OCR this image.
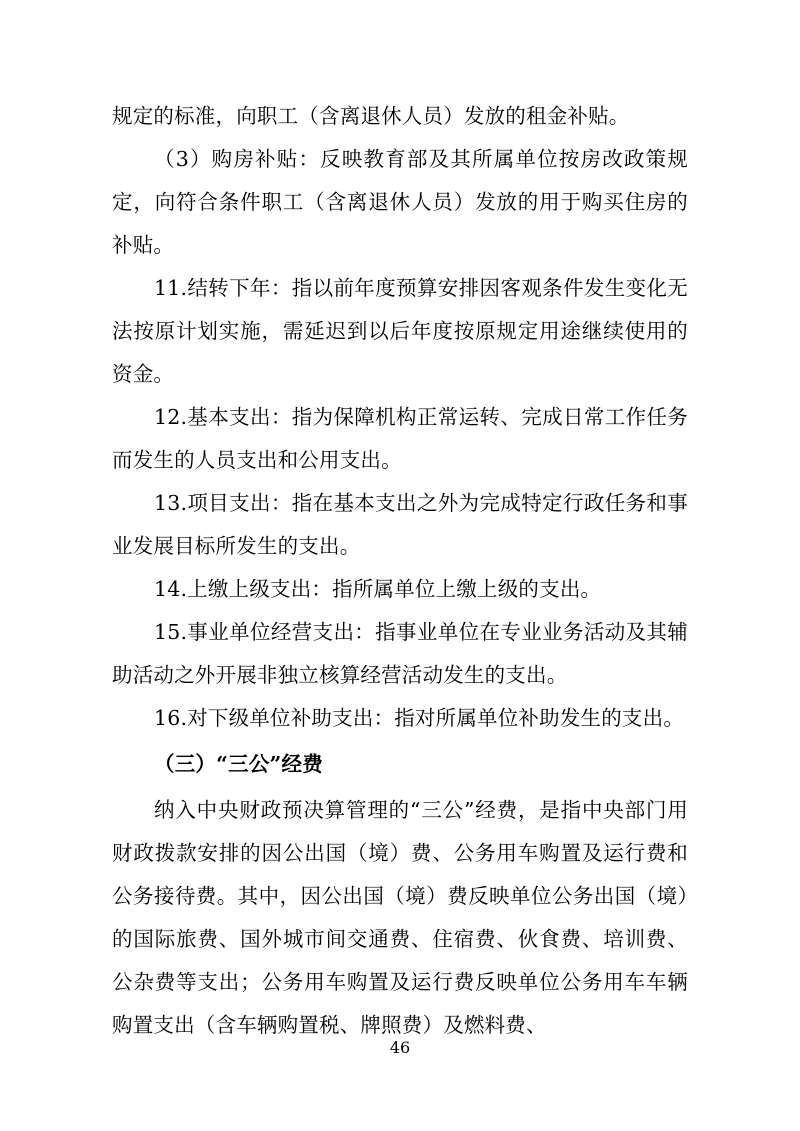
规定的标准，向职工（含离退休人员）发放的租金补贴。

（3）购房补贴：反映教育部及其所属单位按房改政策规定，向符合条件职工（含离退休人员）发放的用于购买住房的补贴。

11.结转下年：指以前年度预算安排因客观条件发生变化无法按原计划实施，需延迟到以后年度按原规定用途继续使用的资金。

12.基本支出：指为保障机构正常运转、完成日常工作任务而发生的人员支出和公用支出。

13.项目支出：指在基本支出之外为完成特定行政任务和事业发展目标所发生的支出。

14.上缴上级支出：指所属单位上缴上级的支出。

15.事业单位经营支出：指事业单位在专业业务活动及其辅助活动之外开展非独立核算经营活动发生的支出。

16.对下级单位补助支出：指对所属单位补助发生的支出。

（三）“三公”经费

纳入中央财政预决算管理的“三公”经费，是指中央部门用财政拨款安排的因公出国（境）费、公务用车购置及运行费和公务接待费。其中，因公出国（境）费反映单位公务出国（境）的国际旅费、国外城市间交通费、住宿费、伙食费、培训费、公杂费等支出；公务用车购置及运行费反映单位公务用车车辆购置支出（含车辆购置税、牌照费）及燃料费、

46
